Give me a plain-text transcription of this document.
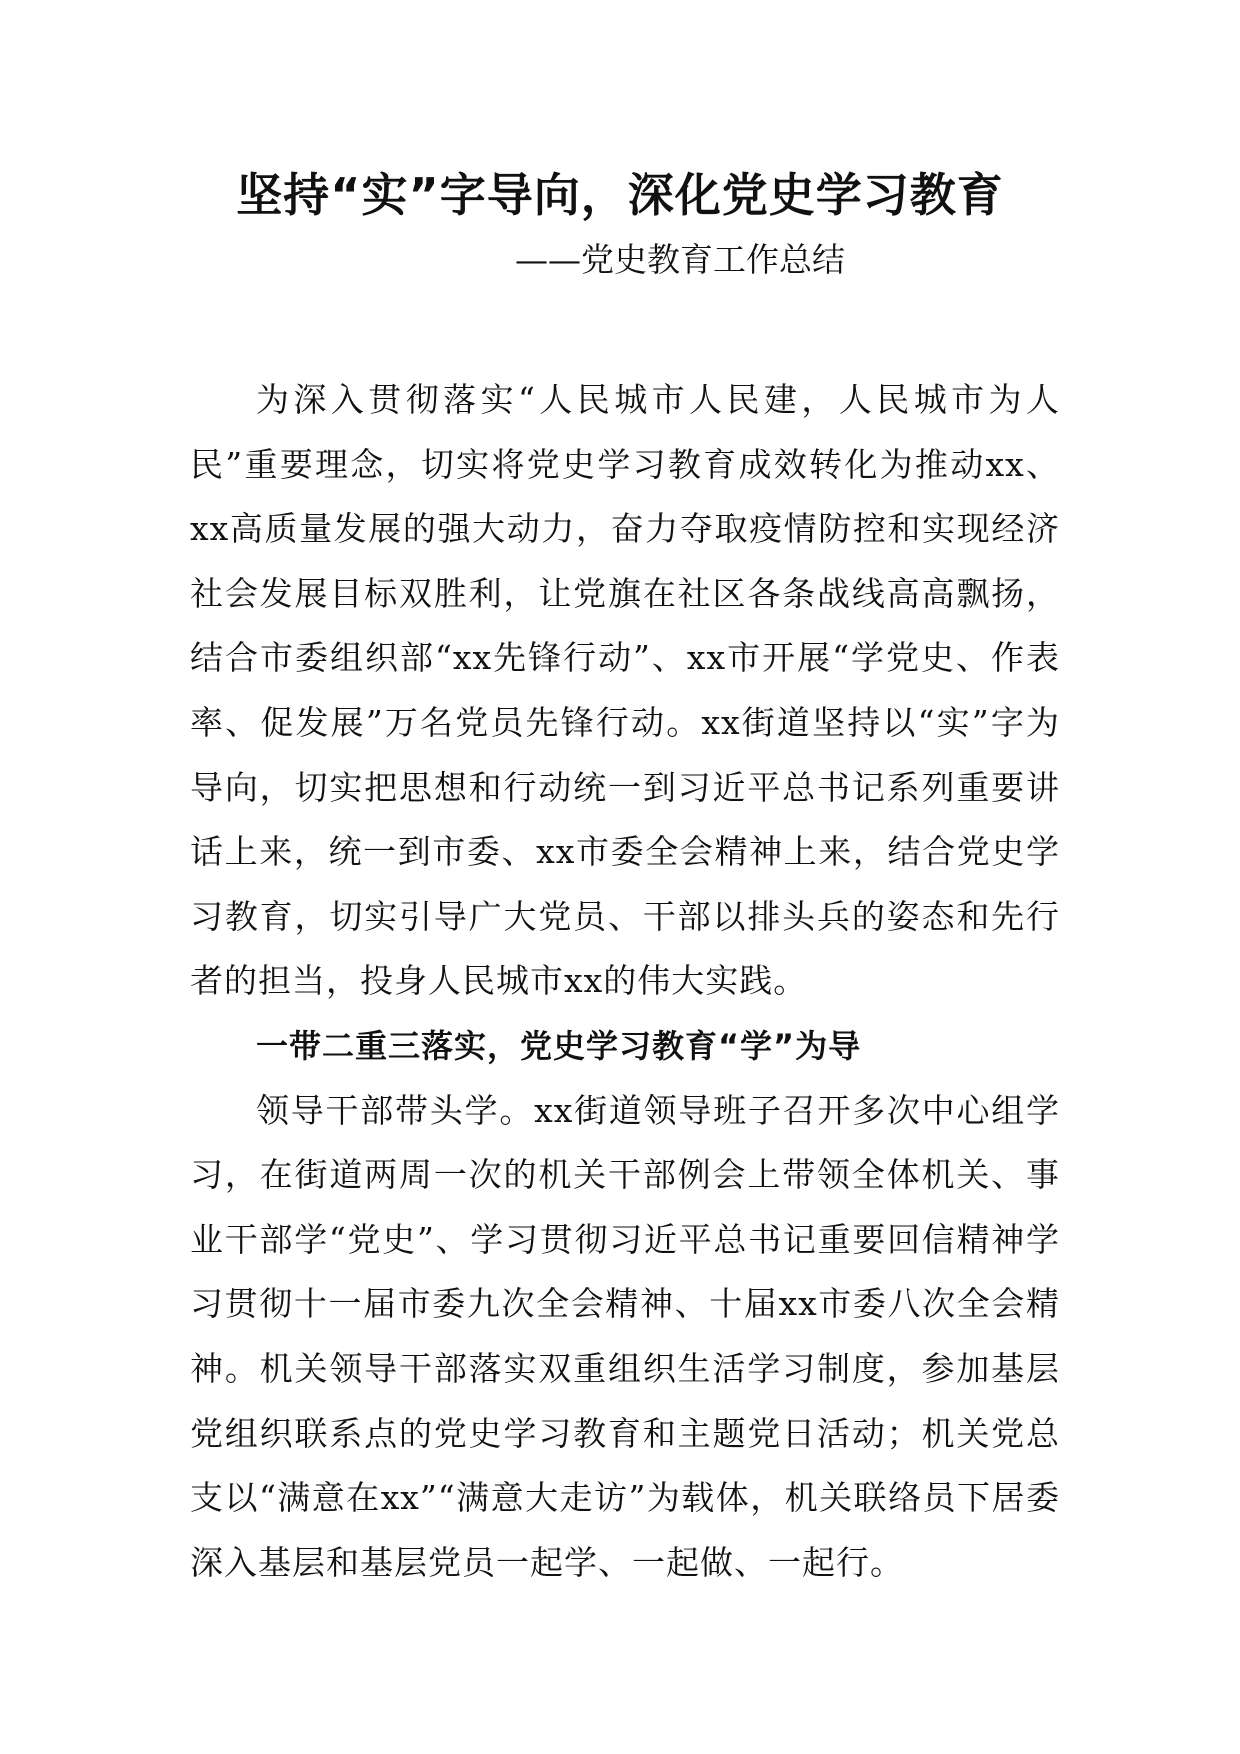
坚持“实”字导向，深化党史学习教育
——党史教育工作总结

为深入贯彻落实“人民城市人民建，人民城市为人民”重要理念，切实将党史学习教育成效转化为推动xx、xx高质量发展的强大动力，奋力夺取疫情防控和实现经济社会发展目标双胜利，让党旗在社区各条战线高高飘扬，结合市委组织部“xx先锋行动”、xx市开展“学党史、作表率、促发展”万名党员先锋行动。xx街道坚持以“实”字为导向，切实把思想和行动统一到习近平总书记系列重要讲话上来，统一到市委、xx市委全会精神上来，结合党史学习教育，切实引导广大党员、干部以排头兵的姿态和先行者的担当，投身人民城市xx的伟大实践。

一带二重三落实，党史学习教育“学”为导

领导干部带头学。xx街道领导班子召开多次中心组学习，在街道两周一次的机关干部例会上带领全体机关、事业干部学“党史”、学习贯彻习近平总书记重要回信精神学习贯彻十一届市委九次全会精神、十届xx市委八次全会精神。机关领导干部落实双重组织生活学习制度，参加基层党组织联系点的党史学习教育和主题党日活动；机关党总支以“满意在xx”“满意大走访”为载体，机关联络员下居委深入基层和基层党员一起学、一起做、一起行。
